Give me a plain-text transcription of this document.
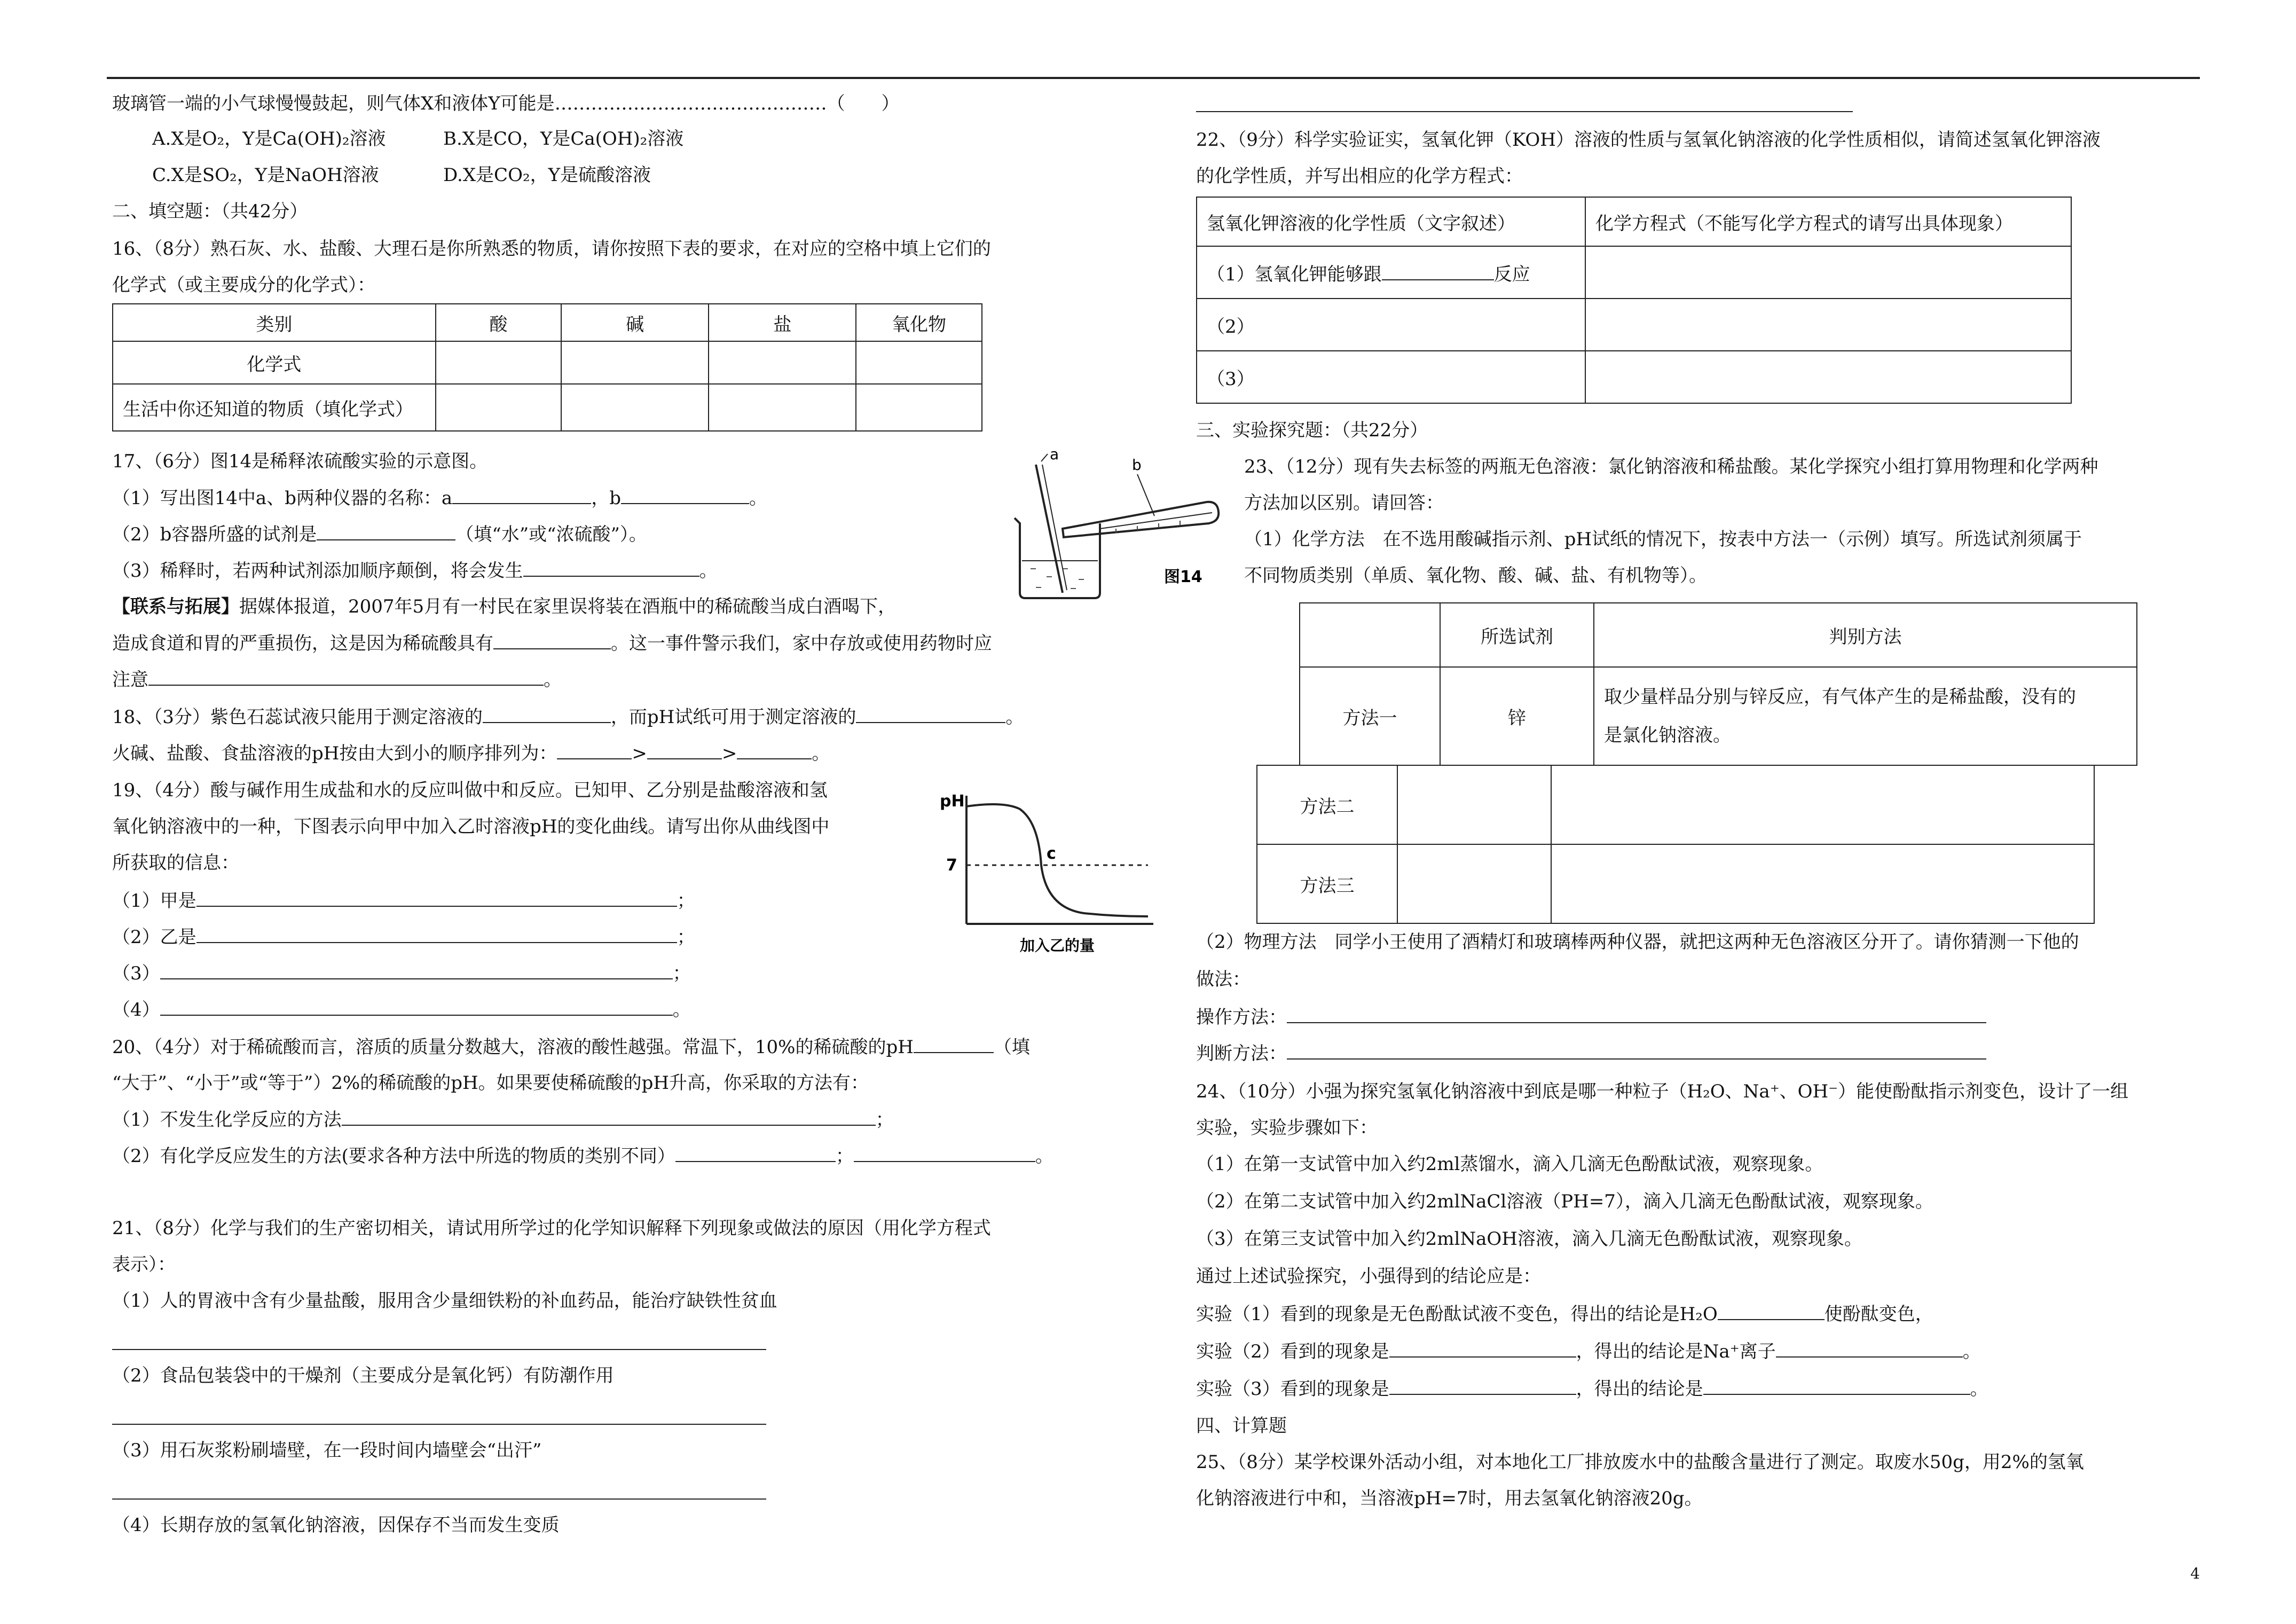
玻璃管一端的小气球慢慢鼓起，则气体X和液体Y可能是………………………………………（　　）
A.X是O₂，Y是Ca(OH)₂溶液	B.X是CO，Y是Ca(OH)₂溶液
C.X是SO₂，Y是NaOH溶液	D.X是CO₂，Y是硫酸溶液
二、填空题：（共42分）
16、（8分）熟石灰、水、盐酸、大理石是你所熟悉的物质，请你按照下表的要求，在对应的空格中填上它们的
化学式（或主要成分的化学式）：
类别	酸	碱	盐	氧化物
化学式				
生活中你还知道的物质（填化学式）				
17、（6分）图14是稀释浓硫酸实验的示意图。
（1）写出图14中a、b两种仪器的名称：a	，b	。
（2）b容器所盛的试剂是	（填“水”或“浓硫酸”）。
（3）稀释时，若两种试剂添加顺序颠倒，将会发生	。
a
b
图14
【联系与拓展】据媒体报道，2007年5月有一村民在家里误将装在酒瓶中的稀硫酸当成白酒喝下，
造成食道和胃的严重损伤，这是因为稀硫酸具有	。这一事件警示我们，家中存放或使用药物时应
注意	。
18、（3分）紫色石蕊试液只能用于测定溶液的	，而pH试纸可用于测定溶液的	。
火碱、盐酸、食盐溶液的pH按由大到小的顺序排列为：	>	>	。
19、（4分）酸与碱作用生成盐和水的反应叫做中和反应。已知甲、乙分别是盐酸溶液和氢
氧化钠溶液中的一种，下图表示向甲中加入乙时溶液pH的变化曲线。请写出你从曲线图中
所获取的信息：
pH
7
c
加入乙的量
（1）甲是	；
（2）乙是	；
（3）	；
（4）	。
20、（4分）对于稀硫酸而言，溶质的质量分数越大，溶液的酸性越强。常温下，10%的稀硫酸的pH	（填
“大于”、“小于”或“等于”）2%的稀硫酸的pH。如果要使稀硫酸的pH升高，你采取的方法有：
（1）不发生化学反应的方法	；
（2）有化学反应发生的方法(要求各种方法中所选的物质的类别不同）	；	。
21、（8分）化学与我们的生产密切相关，请试用所学过的化学知识解释下列现象或做法的原因（用化学方程式
表示）：
（1）人的胃液中含有少量盐酸，服用含少量细铁粉的补血药品，能治疗缺铁性贫血
（2）食品包装袋中的干燥剂（主要成分是氧化钙）有防潮作用
（3）用石灰浆粉刷墙壁，在一段时间内墙壁会“出汗”
（4）长期存放的氢氧化钠溶液，因保存不当而发生变质
22、（9分）科学实验证实，氢氧化钾（KOH）溶液的性质与氢氧化钠溶液的化学性质相似，请简述氢氧化钾溶液
的化学性质，并写出相应的化学方程式：
氢氧化钾溶液的化学性质（文字叙述）	化学方程式（不能写化学方程式的请写出具体现象）
（1）氢氧化钾能够跟 反应	
（2）	
（3）	
三、实验探究题：（共22分）
23、（12分）现有失去标签的两瓶无色溶液：氯化钠溶液和稀盐酸。某化学探究小组打算用物理和化学两种
方法加以区别。请回答：
（1）化学方法　在不选用酸碱指示剂、pH试纸的情况下，按表中方法一（示例）填写。所选试剂须属于
不同物质类别（单质、氧化物、酸、碱、盐、有机物等）。
	所选试剂	判别方法
方法一	锌	取少量样品分别与锌反应，有气体产生的是稀盐酸，没有的
是氯化钠溶液。
方法二		
方法三		
（2）物理方法　同学小王使用了酒精灯和玻璃棒两种仪器，就把这两种无色溶液区分开了。请你猜测一下他的
做法：
操作方法：
判断方法：
24、（10分）小强为探究氢氧化钠溶液中到底是哪一种粒子（H₂O、Na⁺、OH⁻）能使酚酞指示剂变色，设计了一组
实验，实验步骤如下：
（1）在第一支试管中加入约2ml蒸馏水，滴入几滴无色酚酞试液，观察现象。
（2）在第二支试管中加入约2mlNaCl溶液（PH=7），滴入几滴无色酚酞试液，观察现象。
（3）在第三支试管中加入约2mlNaOH溶液，滴入几滴无色酚酞试液，观察现象。
通过上述试验探究，小强得到的结论应是：
实验（1）看到的现象是无色酚酞试液不变色，得出的结论是H₂O	使酚酞变色，
实验（2）看到的现象是	，得出的结论是Na⁺离子	。
实验（3）看到的现象是	，得出的结论是	。
四、计算题
25、（8分）某学校课外活动小组，对本地化工厂排放废水中的盐酸含量进行了测定。取废水50g，用2%的氢氧
化钠溶液进行中和，当溶液pH=7时，用去氢氧化钠溶液20g。
4
